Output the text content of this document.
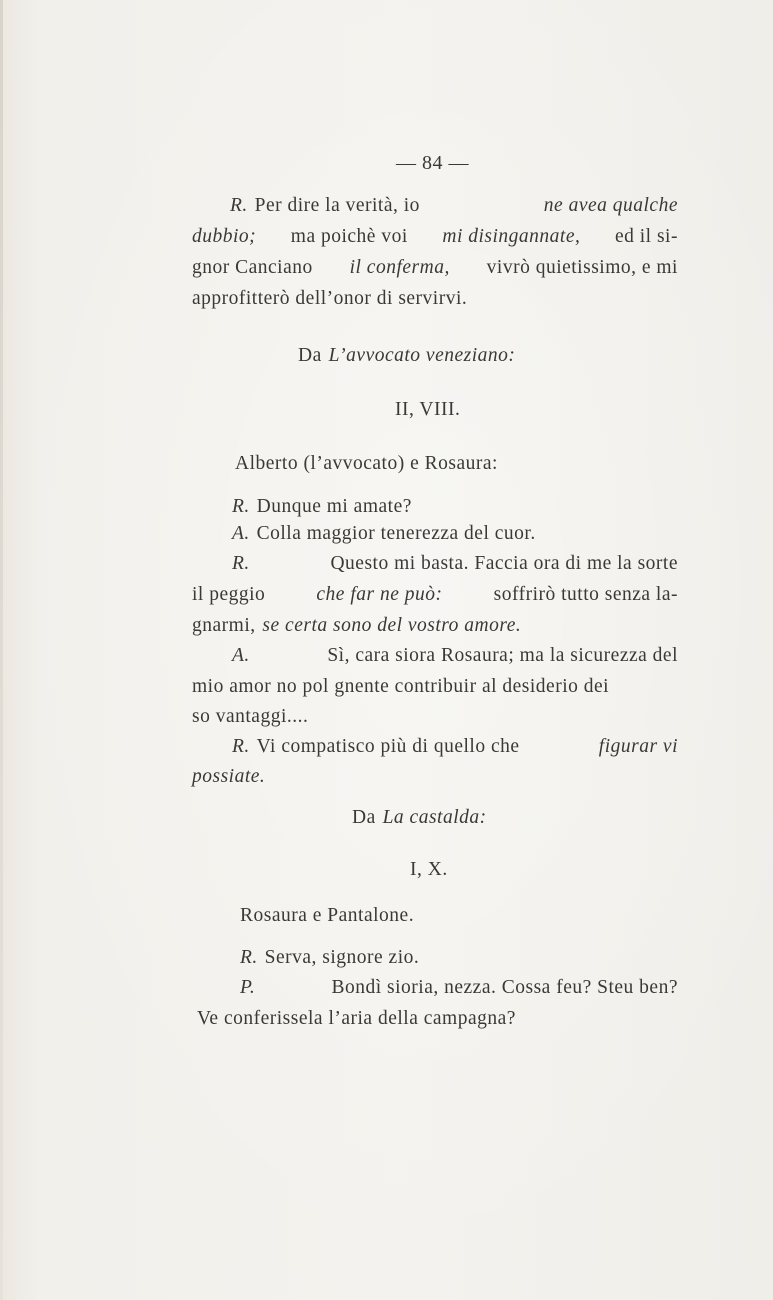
— 84 —
R. Per dire la verità, io	ne avea qualche
dubbio; ma poichè voi mi disingannate, ed il si-
gnor Canciano il conferma, vivrò quietissimo, e mi
approfitterò dell’onor di servirvi.
Da L’avvocato veneziano:
II, VIII.
Alberto (l’avvocato) e Rosaura:
R. Dunque mi amate?
A. Colla maggior tenerezza del cuor.
R.	Questo mi basta. Faccia ora di me la sorte
il peggio	che far ne può:	soffrirò tutto senza la-
gnarmi, se certa sono del vostro amore.
A.	Sì, cara siora Rosaura; ma la sicurezza del
mio amor no pol gnente contribuir al desiderio dei
so vantaggi....
R. Vi compatisco più di quello che	figurar vi
possiate.
Da La castalda:
I, X.
Rosaura e Pantalone.
R. Serva, signore zio.
P.	Bondì sioria, nezza. Cossa feu? Steu ben?
Ve conferissela l’aria della campagna?
